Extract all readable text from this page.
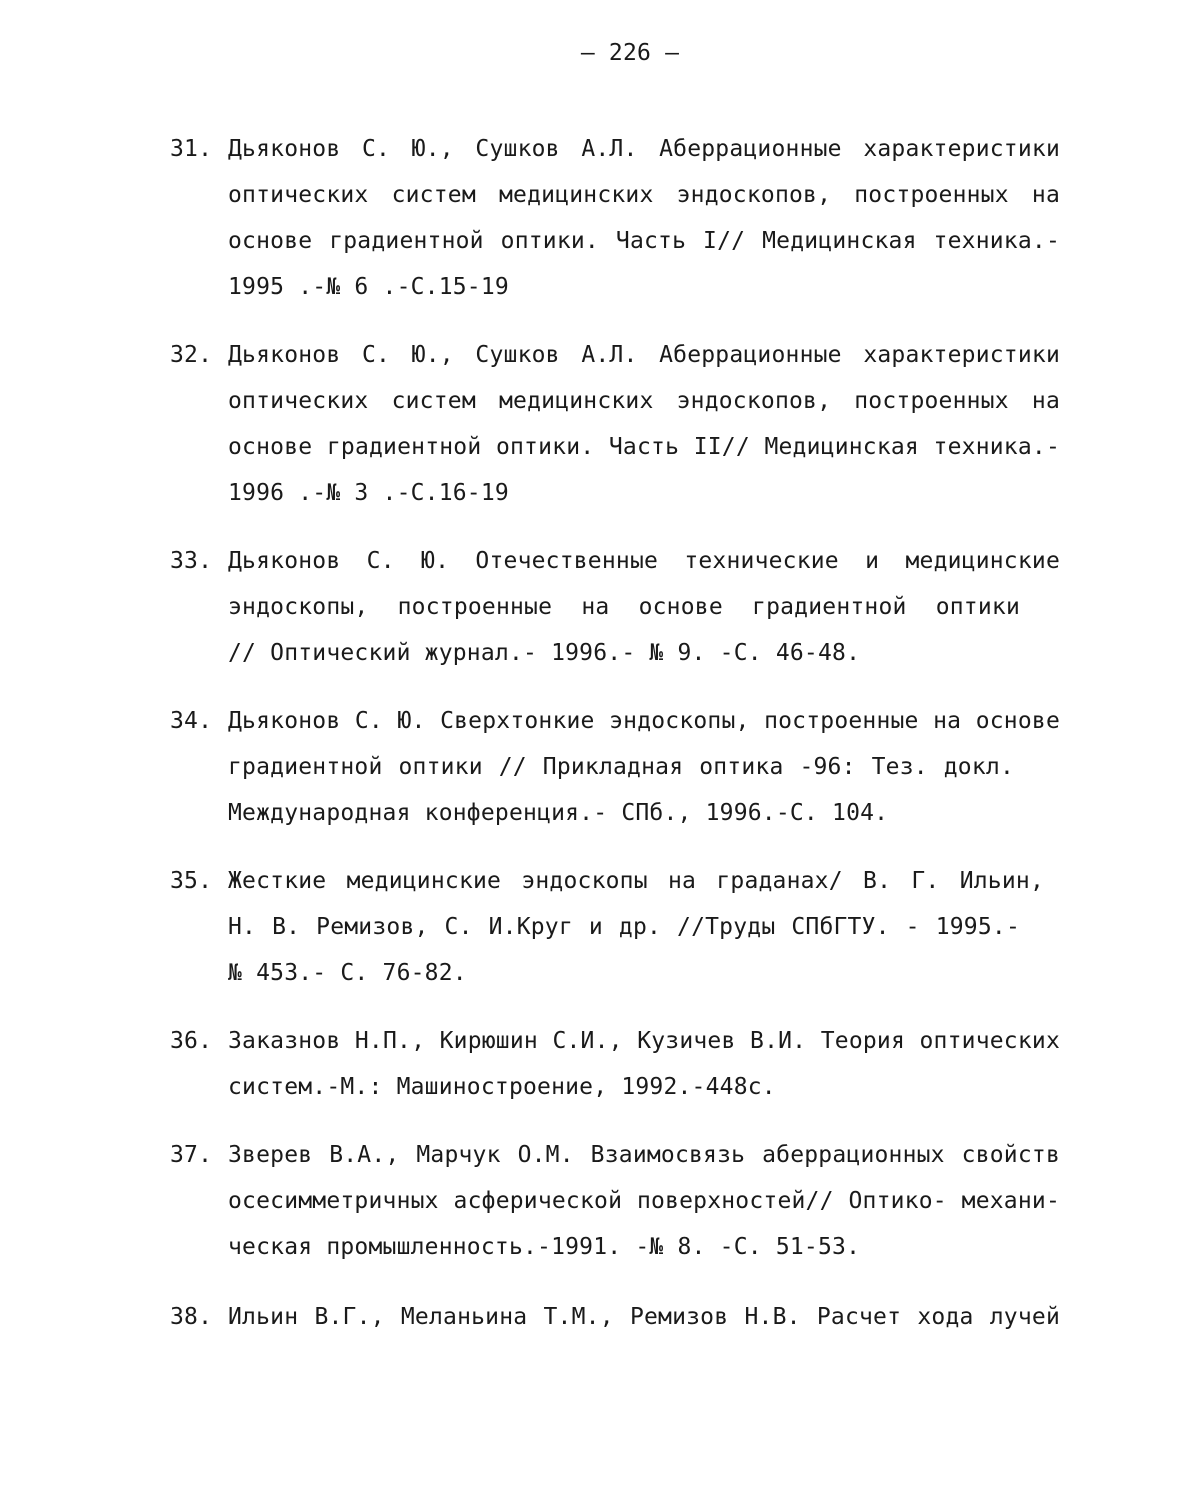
– 226 –
31. Дьяконов С. Ю., Сушков А.Л. Аберрационные характеристики
оптических систем медицинских эндоскопов, построенных на
основе градиентной оптики. Часть I// Медицинская техника.-
1995 .-№ 6 .-С.15-19
32. Дьяконов С. Ю., Сушков А.Л. Аберрационные характеристики
оптических систем медицинских эндоскопов, построенных на
основе градиентной оптики. Часть II// Медицинская техника.-
1996 .-№ 3 .-С.16-19
33. Дьяконов С. Ю. Отечественные технические и медицинские
эндоскопы, построенные на основе градиентной оптики
// Оптический журнал.- 1996.- № 9. -С. 46-48.
34. Дьяконов С. Ю. Сверхтонкие эндоскопы, построенные на основе
градиентной оптики // Прикладная оптика -96: Тез. докл.
Международная конференция.- СПб., 1996.-С. 104.
35. Жесткие медицинские эндоскопы на граданах/ В. Г. Ильин,
Н. В. Ремизов, С. И.Круг и др. //Труды СПбГТУ. - 1995.-
№ 453.- С. 76-82.
36. Заказнов Н.П., Кирюшин С.И., Кузичев В.И. Теория оптических
систем.-М.: Машиностроение, 1992.-448с.
37. Зверев В.А., Марчук О.М. Взаимосвязь аберрационных свойств
осесимметричных асферической поверхностей// Оптико- механи-
ческая промышленность.-1991. -№ 8. -С. 51-53.
38. Ильин В.Г., Меланьина Т.М., Ремизов Н.В. Расчет хода лучей
